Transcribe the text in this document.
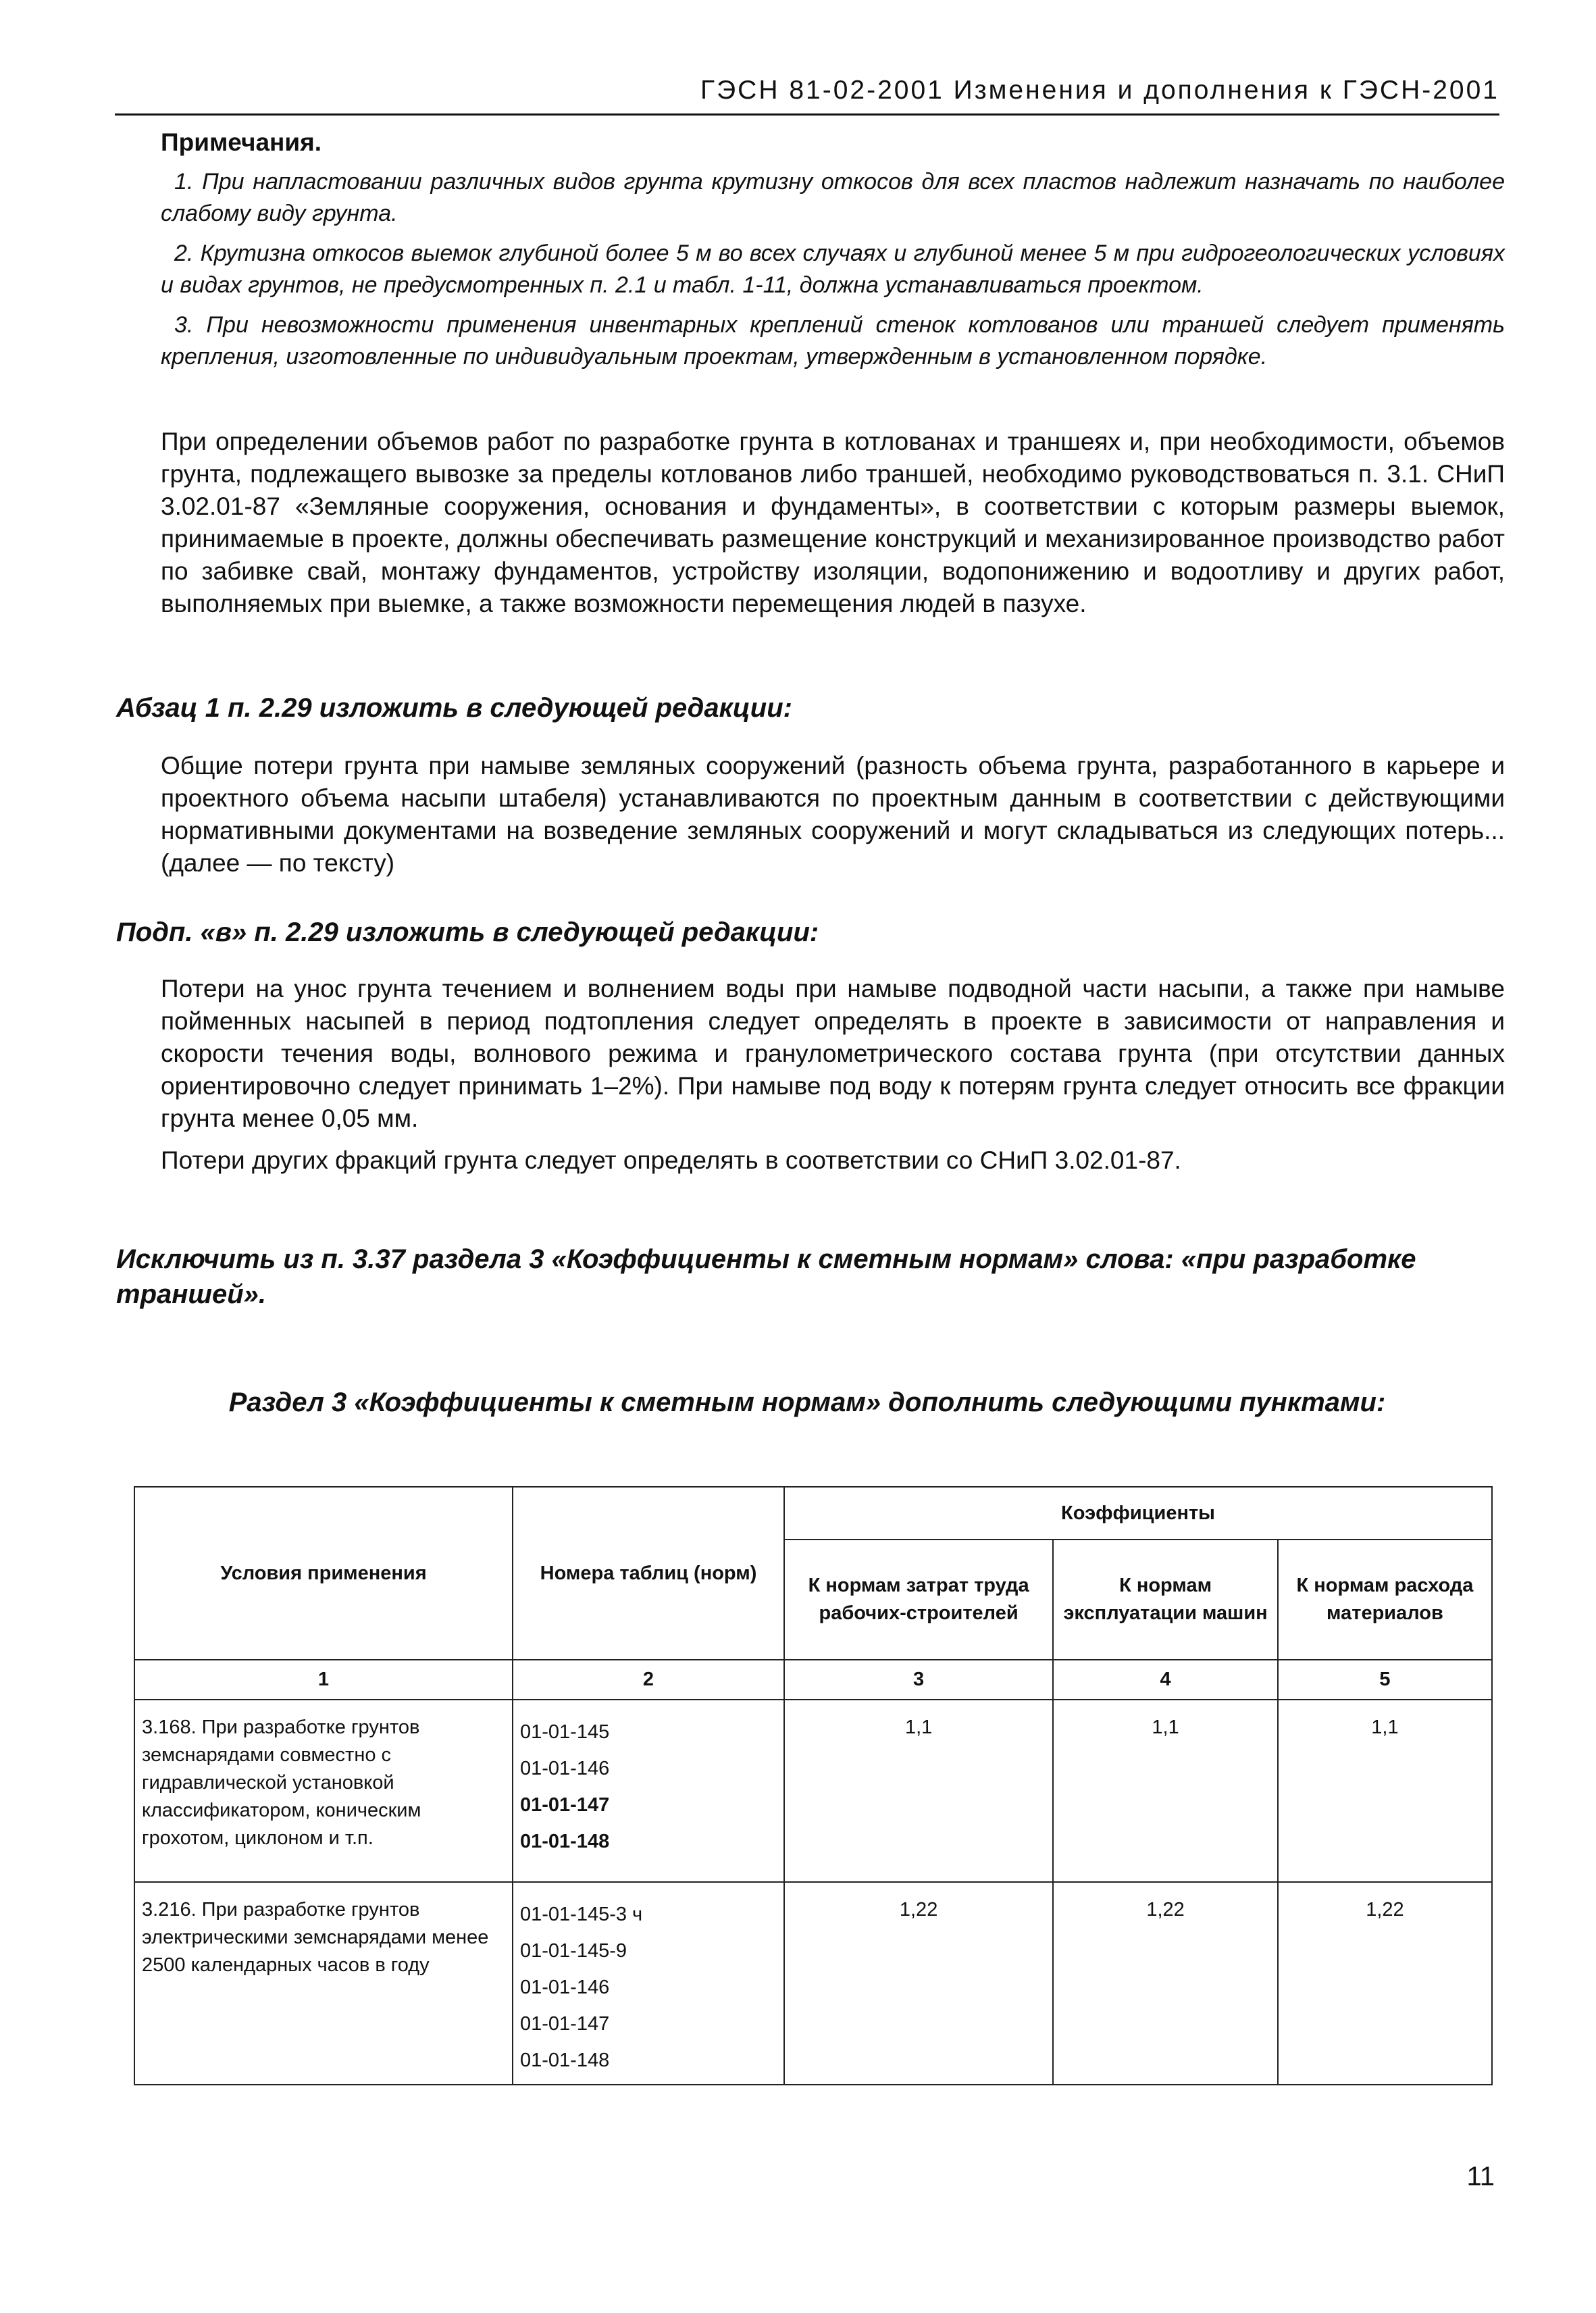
ГЭСН 81-02-2001 Изменения и дополнения к ГЭСН-2001
Примечания.
1. При напластовании различных видов грунта крутизну откосов для всех пластов надлежит назначать по наиболее слабому виду грунта.
2. Крутизна откосов выемок глубиной более 5 м во всех случаях и глубиной менее 5 м при гидрогеологических условиях и видах грунтов, не предусмотренных п. 2.1 и табл. 1-11, должна устанавливаться проектом.
3. При невозможности применения инвентарных креплений стенок котлованов или траншей следует применять крепления, изготовленные по индивидуальным проектам, утвержденным в установленном порядке.

При определении объемов работ по разработке грунта в котлованах и траншеях и, при необходимости, объемов грунта, подлежащего вывозке за пределы котлованов либо траншей, необходимо руководствоваться п. 3.1. СНиП 3.02.01-87 «Земляные сооружения, основания и фундаменты», в соответствии с которым размеры выемок, принимаемые в проекте, должны обеспечивать размещение конструкций и механизированное производство работ по забивке свай, монтажу фундаментов, устройству изоляции, водопонижению и водоотливу и других работ, выполняемых при выемке, а также возможности перемещения людей в пазухе.

Абзац 1 п. 2.29 изложить в следующей редакции:

Общие потери грунта при намыве земляных сооружений (разность объема грунта, разработанного в карьере и проектного объема насыпи штабеля) устанавливаются по проектным данным в соответствии с действующими нормативными документами на возведение земляных сооружений и могут складываться из следующих потерь... (далее — по тексту)

Подп. «в» п. 2.29 изложить в следующей редакции:

Потери на унос грунта течением и волнением воды при намыве подводной части насыпи, а также при намыве пойменных насыпей в период подтопления следует определять в проекте в зависимости от направления и скорости течения воды, волнового режима и гранулометрического состава грунта (при отсутствии данных ориентировочно следует принимать 1–2%). При намыве под воду к потерям грунта следует относить все фракции грунта менее 0,05 мм.

Потери других фракций грунта следует определять в соответствии со СНиП 3.02.01-87.

Исключить из п. 3.37 раздела 3 «Коэффициенты к сметным нормам» слова: «при разработке траншей».
Раздел 3 «Коэффициенты к сметным нормам» дополнить следующими пунктами:
Условия применения	Номера таблиц (норм)	Коэффициенты		
		К нормам затрат труда рабочих-строителей	К нормам эксплуатации машин	К нормам расхода материалов
1	2	3	4	5
3.168. При разработке грунтов земснарядами совместно с гидравлической установкой классификатором, коническим грохотом, циклоном и т.п.	01-01-145
01-01-146
01-01-147
01-01-148	1,1	1,1	1,1
3.216. При разработке грунтов электрическими земснарядами менее 2500 календарных часов в году	01-01-145-3 ч
01-01-145-9
01-01-146
01-01-147
01-01-148	1,22	1,22	1,22
11
